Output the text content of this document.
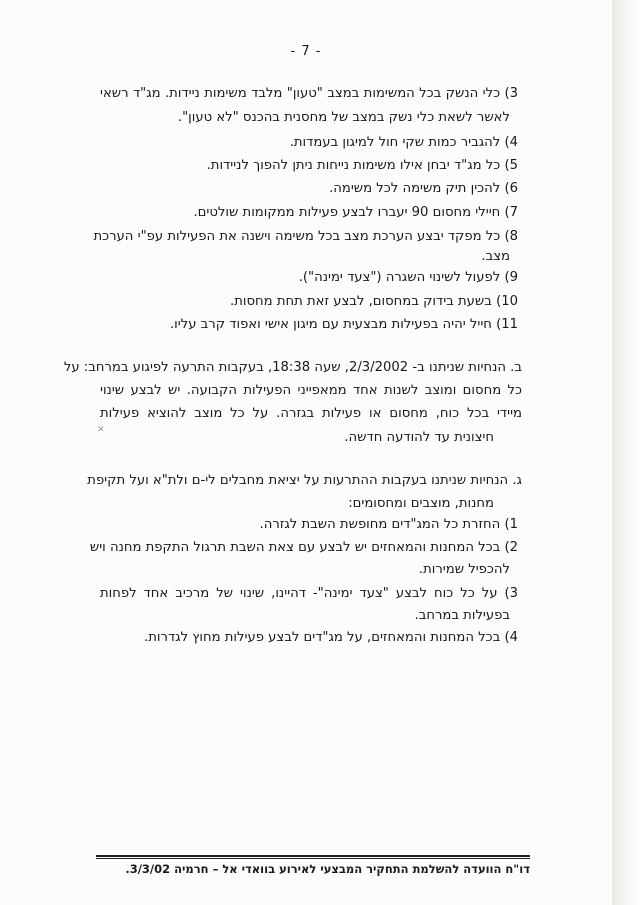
- 7 -
3) כלי הנשק בכל המשימות במצב "טעון" מלבד משימות ניידות. מג"ד רשאי
לאשר לשאת כלי נשק במצב של מחסנית בהכנס "לא טעון".
4) להגביר כמות שקי חול למיגון בעמדות.
5) כל מג"ד יבחן אילו משימות נייחות ניתן להפוך לניידות.
6) להכין תיק משימה לכל משימה.
7) חיילי מחסום 90 יעברו לבצע פעילות ממקומות שולטים.
8) כל מפקד יבצע הערכת מצב בכל משימה וישנה את הפעילות עפ"י הערכת
מצב.
9) לפעול לשינוי השגרה ("צעד ימינה").
10) בשעת בידוק במחסום, לבצע זאת תחת מחסות.
11) חייל יהיה בפעילות מבצעית עם מיגון אישי ואפוד קרב עליו.
ב. הנחיות שניתנו ב- 2/3/2002, שעה 18:38, בעקבות התרעה לפיגוע במרחב: על
כל מחסום ומוצב לשנות אחד ממאפייני הפעילות הקבועה. יש לבצע שינוי
מיידי בכל כוח, מחסום או פעילות בגזרה. על כל מוצב להוציא פעילות
חיצונית עד להודעה חדשה.
✕
ג. הנחיות שניתנו בעקבות ההתרעות על יציאת מחבלים לי-ם ולת"א ועל תקיפת
מחנות, מוצבים ומחסומים:
1) החזרת כל המג"דים מחופשת השבת לגזרה.
2) בכל המחנות והמאחזים יש לבצע עם צאת השבת תרגול התקפת מחנה ויש
להכפיל שמירות.
3) על כל כוח לבצע "צעד ימינה"- דהיינו, שינוי של מרכיב אחד לפחות
בפעילות במרחב.
4) בכל המחנות והמאחזים, על מג"דים לבצע פעילות מחוץ לגדרות.
דו"ח הוועדה להשלמת התחקיר המבצעי לאירוע בוואדי אל – חרמיה 3/3/02.
